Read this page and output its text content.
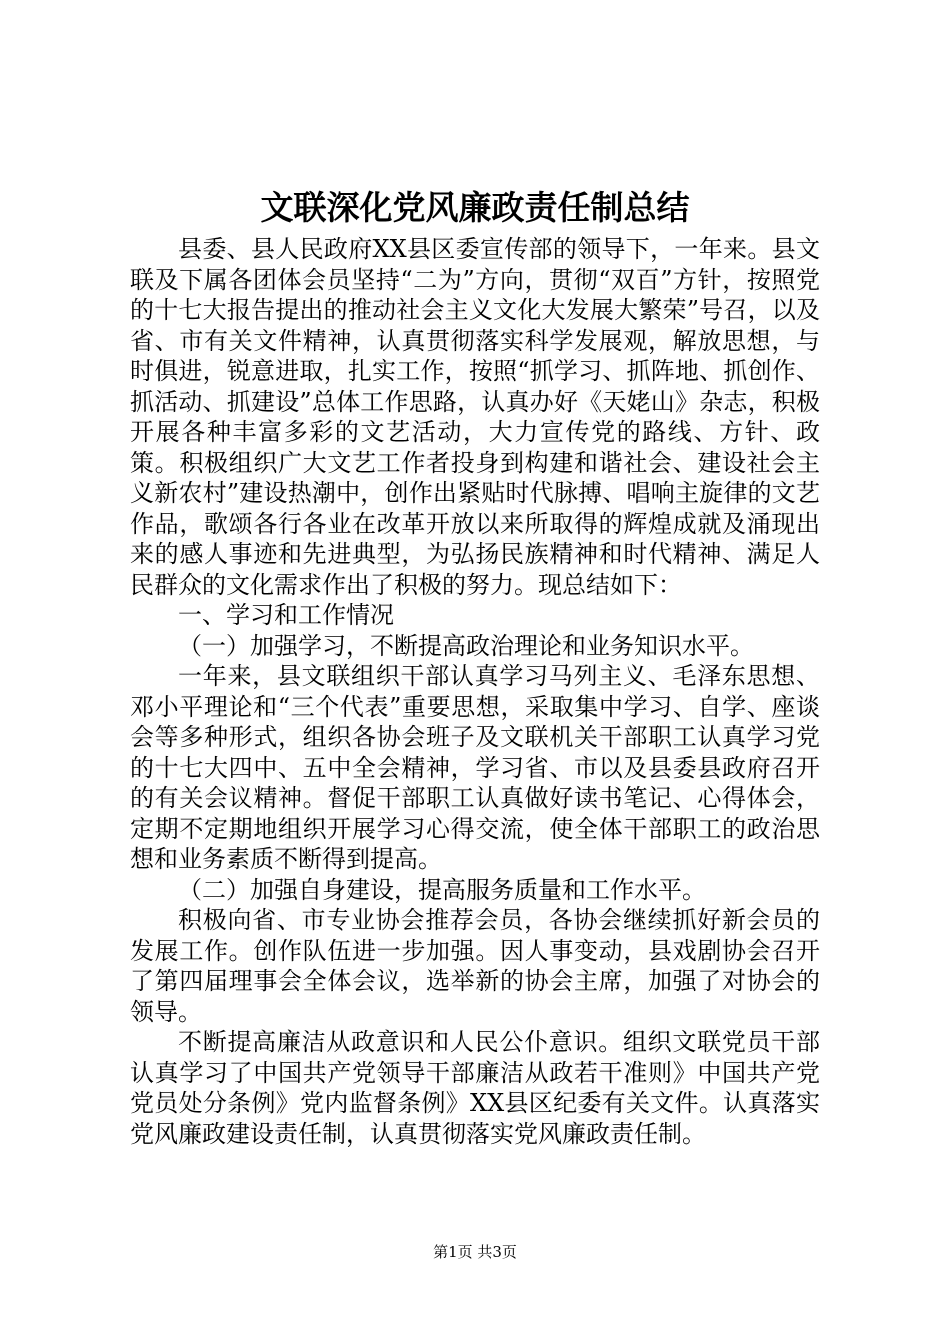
文联深化党风廉政责任制总结

县委、县人民政府XX县区委宣传部的领导下，一年来。县文联及下属各团体会员坚持“二为”方向，贯彻“双百”方针，按照党的十七大报告提出的推动社会主义文化大发展大繁荣”号召，以及省、市有关文件精神，认真贯彻落实科学发展观，解放思想，与时俱进，锐意进取，扎实工作，按照“抓学习、抓阵地、抓创作、抓活动、抓建设”总体工作思路，认真办好《天姥山》杂志，积极开展各种丰富多彩的文艺活动，大力宣传党的路线、方针、政策。积极组织广大文艺工作者投身到构建和谐社会、建设社会主义新农村”建设热潮中，创作出紧贴时代脉搏、唱响主旋律的文艺作品，歌颂各行各业在改革开放以来所取得的辉煌成就及涌现出来的感人事迹和先进典型，为弘扬民族精神和时代精神、满足人民群众的文化需求作出了积极的努力。现总结如下：

一、学习和工作情况

（一）加强学习，不断提高政治理论和业务知识水平。

一年来，县文联组织干部认真学习马列主义、毛泽东思想、邓小平理论和“三个代表”重要思想，采取集中学习、自学、座谈会等多种形式，组织各协会班子及文联机关干部职工认真学习党的十七大四中、五中全会精神，学习省、市以及县委县政府召开的有关会议精神。督促干部职工认真做好读书笔记、心得体会，定期不定期地组织开展学习心得交流，使全体干部职工的政治思想和业务素质不断得到提高。

（二）加强自身建设，提高服务质量和工作水平。

积极向省、市专业协会推荐会员，各协会继续抓好新会员的发展工作。创作队伍进一步加强。因人事变动，县戏剧协会召开了第四届理事会全体会议，选举新的协会主席，加强了对协会的领导。

不断提高廉洁从政意识和人民公仆意识。组织文联党员干部认真学习了中国共产党领导干部廉洁从政若干准则》中国共产党党员处分条例》党内监督条例》XX县区纪委有关文件。认真落实党风廉政建设责任制，认真贯彻落实党风廉政责任制。

第1页 共3页
